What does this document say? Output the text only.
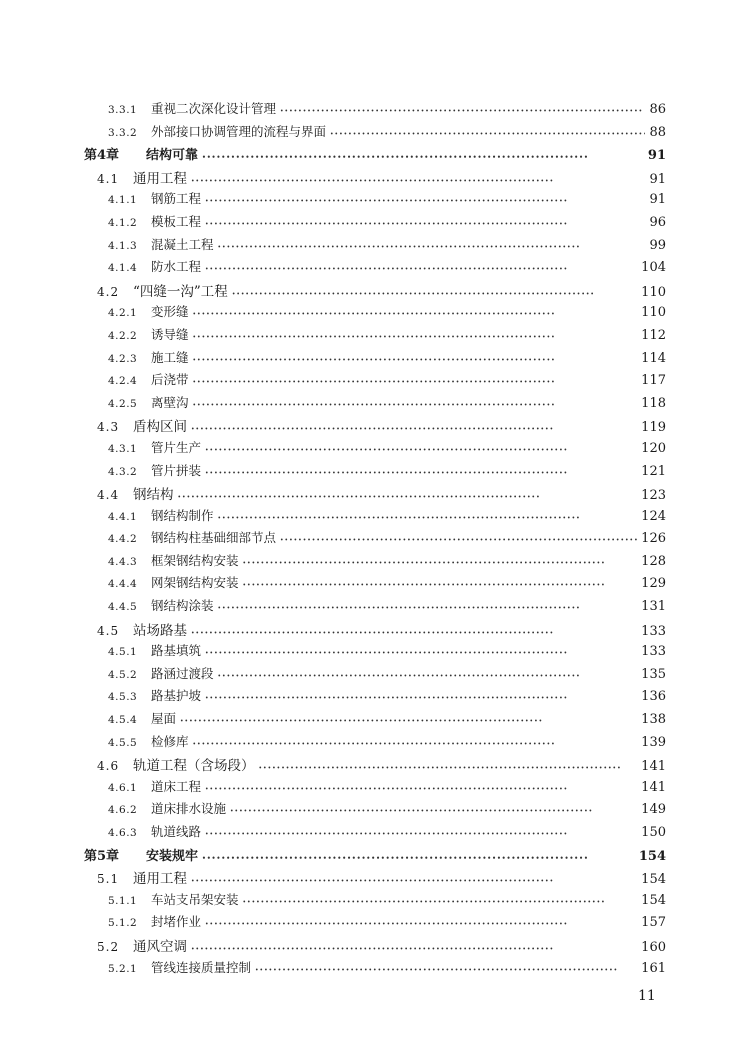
3.3.1	重视二次深化设计管理 •••••	86
3.3.2	外部接口协调管理的流程与界面 •••••	88
第4章	结构可靠 •••••	91
4.1	通用工程 •••••	91
4.1.1	钢筋工程 •••••	91
4.1.2	模板工程 •••••	96
4.1.3	混凝土工程 •••••	99
4.1.4	防水工程 •••••	104
4.2	“四缝一沟”工程 •••••	110
4.2.1	变形缝 •••••	110
4.2.2	诱导缝 •••••	112
4.2.3	施工缝 •••••	114
4.2.4	后浇带 •••••	117
4.2.5	离壁沟 •••••	118
4.3	盾构区间 •••••	119
4.3.1	管片生产 •••••	120
4.3.2	管片拼装 •••••	121
4.4	钢结构 •••••	123
4.4.1	钢结构制作 •••••	124
4.4.2	钢结构柱基础细部节点 •••••	126
4.4.3	框架钢结构安装 •••••	128
4.4.4	网架钢结构安装 •••••	129
4.4.5	钢结构涂装 •••••	131
4.5	站场路基 •••••	133
4.5.1	路基填筑 •••••	133
4.5.2	路涵过渡段 •••••	135
4.5.3	路基护坡 •••••	136
4.5.4	屋面 •••••	138
4.5.5	检修库 •••••	139
4.6	轨道工程（含场段） •••••	141
4.6.1	道床工程 •••••	141
4.6.2	道床排水设施 •••••	149
4.6.3	轨道线路 •••••	150
第5章	安装规牢 •••••	154
5.1	通用工程 •••••	154
5.1.1	车站支吊架安装 •••••	154
5.1.2	封堵作业 •••••	157
5.2	通风空调 •••••	160
5.2.1	管线连接质量控制 •••••	161
11
